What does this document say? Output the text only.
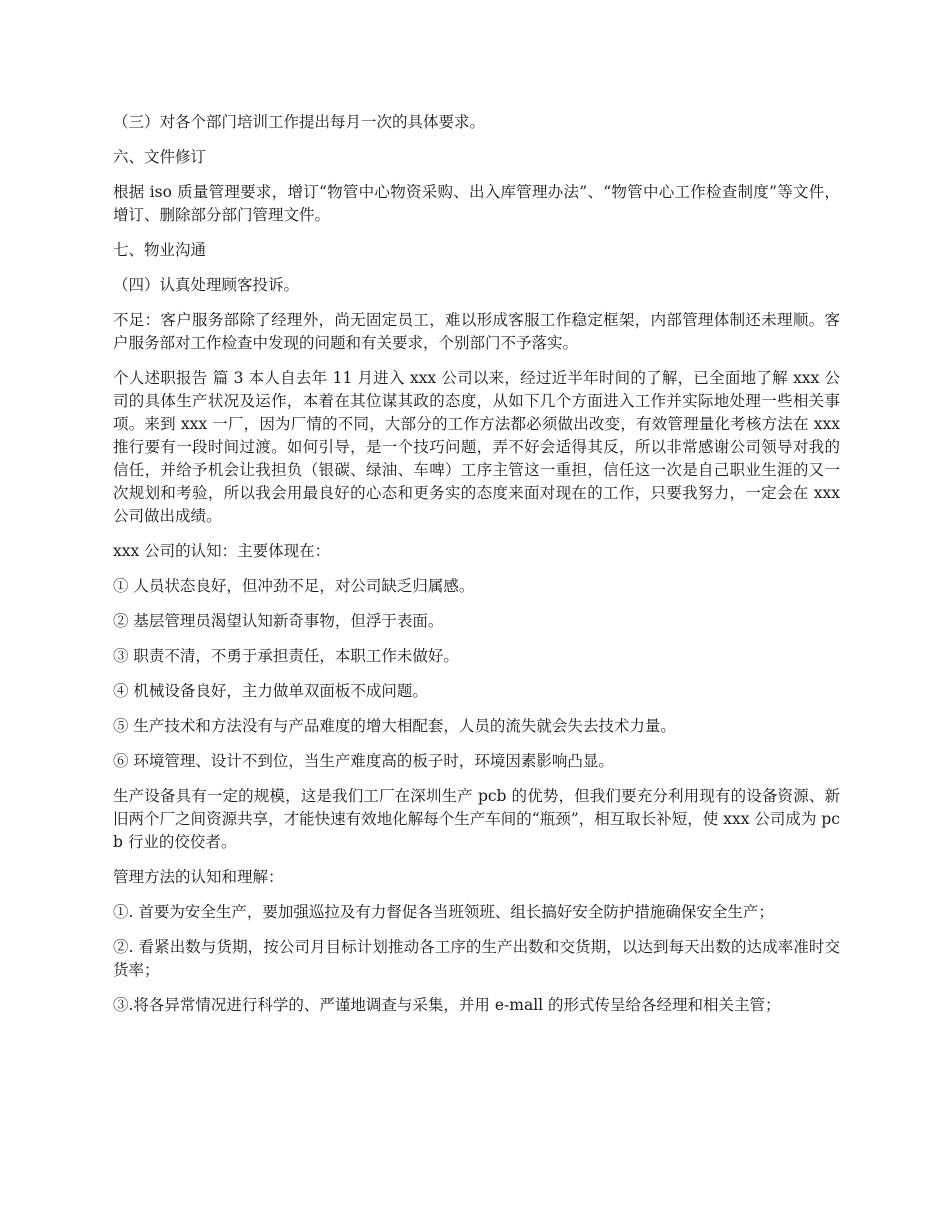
（三）对各个部门培训工作提出每月一次的具体要求。

六、文件修订

根据 iso 质量管理要求，增订“物管中心物资采购、出入库管理办法”、“物管中心工作检查制度”等文件，增订、删除部分部门管理文件。

七、物业沟通

（四）认真处理顾客投诉。

不足：客户服务部除了经理外，尚无固定员工，难以形成客服工作稳定框架，内部管理体制还未理顺。客户服务部对工作检查中发现的问题和有关要求，个别部门不予落实。

个人述职报告 篇 3 本人自去年 11 月进入 xxx 公司以来，经过近半年时间的了解，已全面地了解 xxx 公司的具体生产状况及运作，本着在其位谋其政的态度，从如下几个方面进入工作并实际地处理一些相关事项。来到 xxx 一厂，因为厂情的不同，大部分的工作方法都必须做出改变，有效管理量化考核方法在 xxx 推行要有一段时间过渡。如何引导，是一个技巧问题，弄不好会适得其反，所以非常感谢公司领导对我的信任，并给予机会让我担负（银碳、绿油、车啤）工序主管这一重担，信任这一次是自己职业生涯的又一次规划和考验，所以我会用最良好的心态和更务实的态度来面对现在的工作，只要我努力，一定会在 xxx 公司做出成绩。

xxx 公司的认知：主要体现在：

① 人员状态良好，但冲劲不足，对公司缺乏归属感。

② 基层管理员渴望认知新奇事物，但浮于表面。

③ 职责不清，不勇于承担责任，本职工作未做好。

④ 机械设备良好，主力做单双面板不成问题。

⑤ 生产技术和方法没有与产品难度的增大相配套，人员的流失就会失去技术力量。

⑥ 环境管理、设计不到位，当生产难度高的板子时，环境因素影响凸显。

生产设备具有一定的规模，这是我们工厂在深圳生产 pcb 的优势，但我们要充分利用现有的设备资源、新旧两个厂之间资源共享，才能快速有效地化解每个生产车间的“瓶颈”，相互取长补短，使 xxx 公司成为 pcb 行业的佼佼者。

管理方法的认知和理解：

①. 首要为安全生产，要加强巡拉及有力督促各当班领班、组长搞好安全防护措施确保安全生产；

②. 看紧出数与货期，按公司月目标计划推动各工序的生产出数和交货期，以达到每天出数的达成率准时交货率；

③.将各异常情况进行科学的、严谨地调查与采集，并用 e-mall 的形式传呈给各经理和相关主管；
